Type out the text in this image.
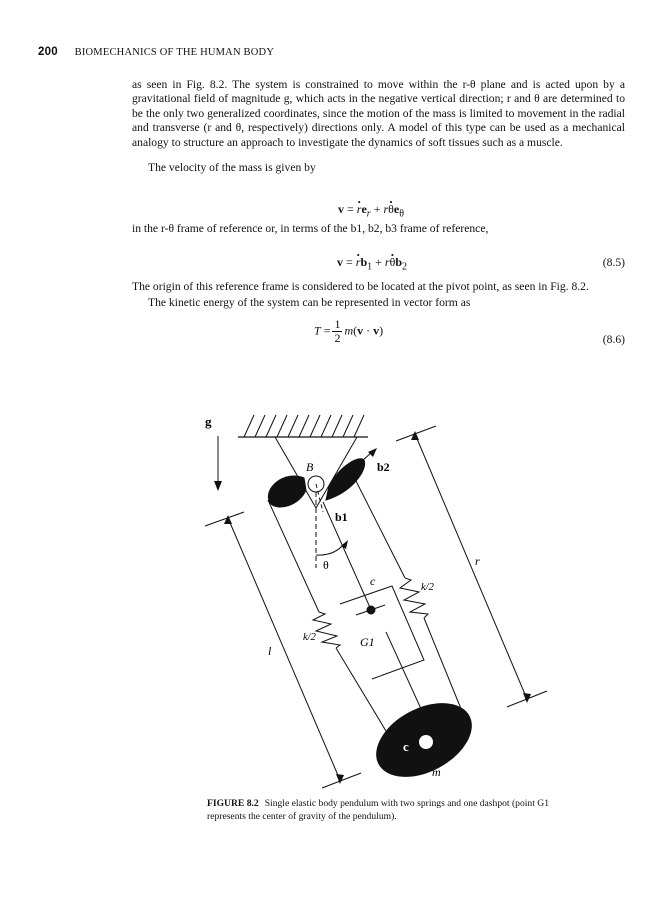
200 BIOMECHANICS OF THE HUMAN BODY
as seen in Fig. 8.2. The system is constrained to move within the r-θ plane and is acted upon by a gravitational field of magnitude g, which acts in the negative vertical direction; r and θ are determined to be the only two generalized coordinates, since the motion of the mass is limited to movement in the radial and transverse (r and θ, respectively) directions only. A model of this type can be used as a mechanical analogy to structure an approach to investigate the dynamics of soft tissues such as a muscle.
The velocity of the mass is given by
$v = r \cdot e_r + r\theta \cdot e_\theta$
in the r-θ frame of reference or, in terms of the b1, b2, b3 frame of reference,
$v = r \cdot b_1 + r\theta \cdot b_2$	(8.5)
The origin of this reference frame is considered to be located at the pivot point, as seen in Fig. 8.2.
The kinetic energy of the system can be represented in vector form as
$T = \frac{1}{2} m(v \cdot v)$
(8.6)
g
B	b2
b1
θ
c	k/2
k/2	G1
r
l
c
m
FIGURE 8.2 Single elastic body pendulum with two springs and one dashpot (point G1 represents the center of gravity of the pendulum).
